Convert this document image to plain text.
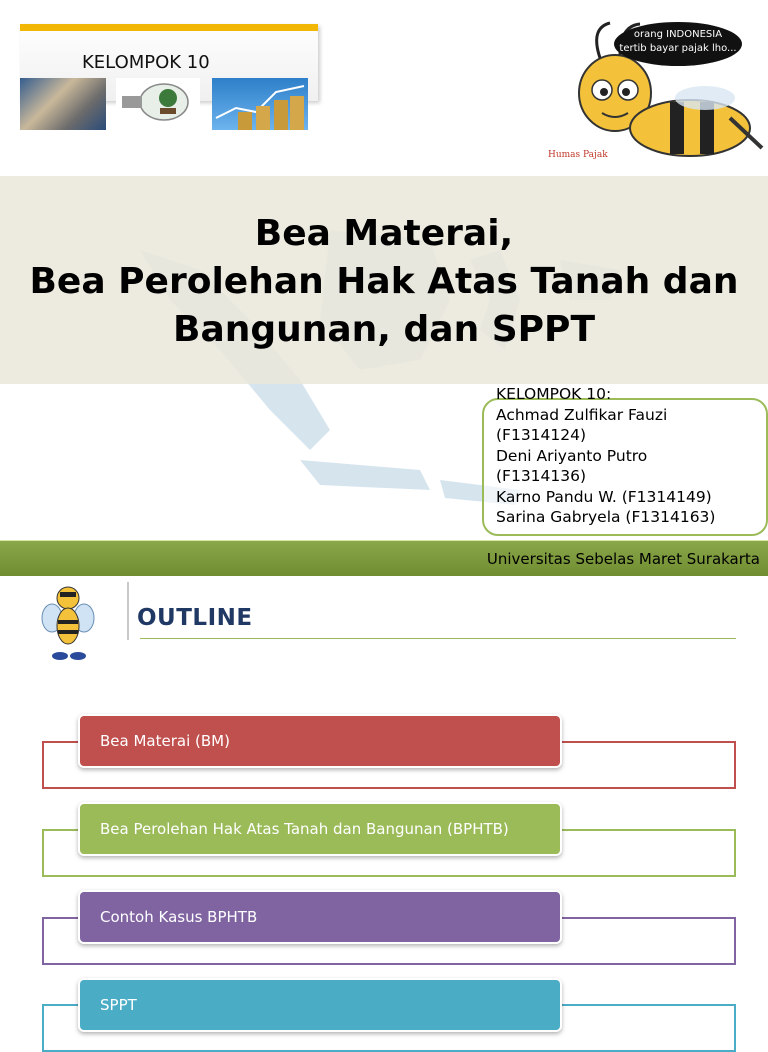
KELOMPOK 10
orang INDONESIA
tertib bayar pajak lho...
Humas Pajak
Bea Materai,
Bea Perolehan Hak Atas Tanah dan
Bangunan, dan SPPT
KELOMPOK 10:
Achmad Zulfikar Fauzi
(F1314124)
Deni Ariyanto Putro
(F1314136)
Karno Pandu W. (F1314149)
Sarina Gabryela (F1314163)
Universitas Sebelas Maret Surakarta
OUTLINE
Bea Materai (BM)
Bea Perolehan Hak Atas Tanah dan Bangunan (BPHTB)
Contoh Kasus BPHTB
SPPT
